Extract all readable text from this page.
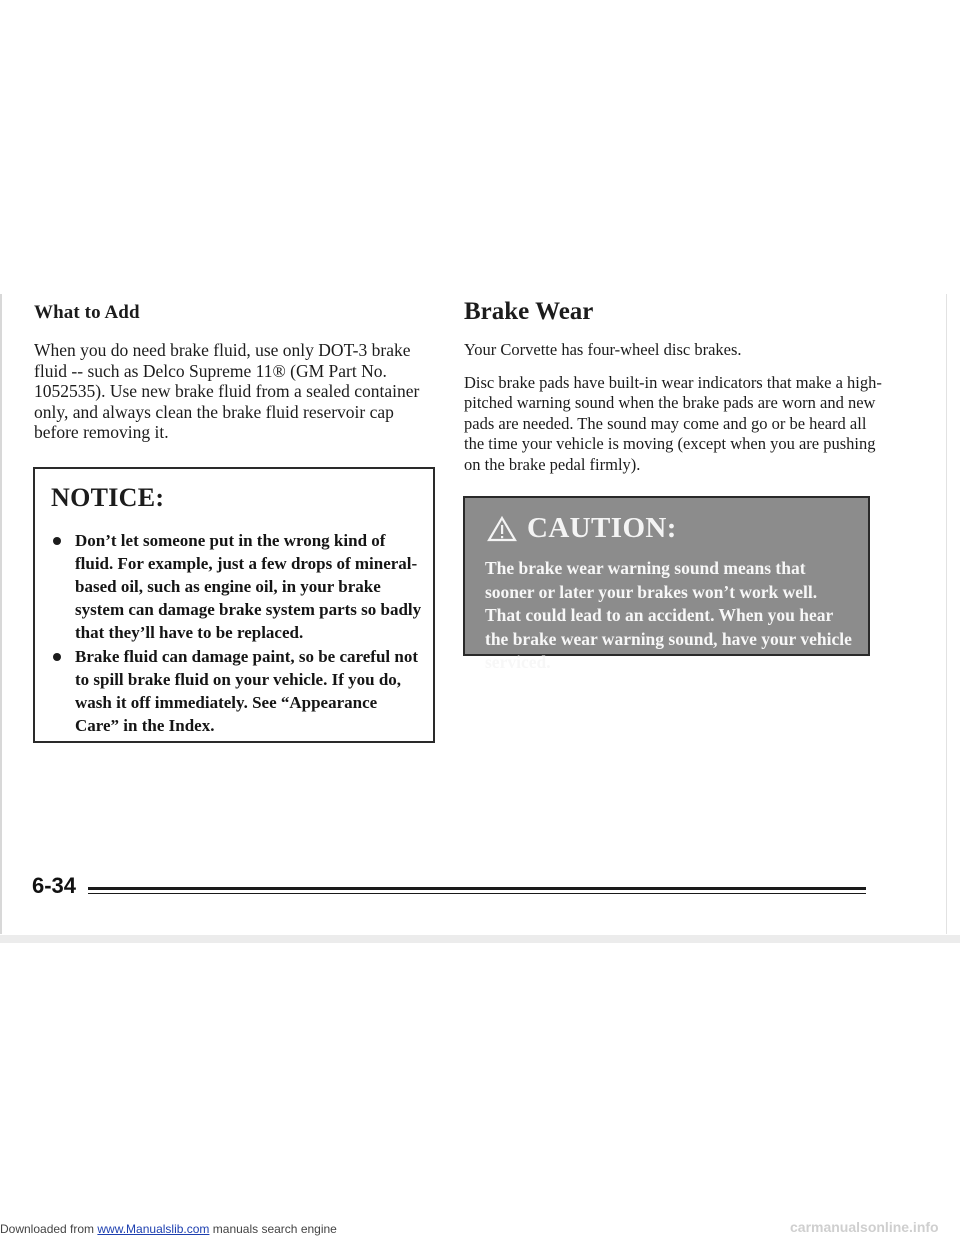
What to Add

When you do need brake fluid, use only DOT-3 brake fluid -- such as Delco Supreme 11® (GM Part No. 1052535). Use new brake fluid from a sealed container only, and always clean the brake fluid reservoir cap before removing it.

NOTICE:
Don’t let someone put in the wrong kind of fluid. For example, just a few drops of mineral-based oil, such as engine oil, in your brake system can damage brake system parts so badly that they’ll have to be replaced.
Brake fluid can damage paint, so be careful not to spill brake fluid on your vehicle. If you do, wash it off immediately. See “Appearance Care” in the Index.
Brake Wear

Your Corvette has four-wheel disc brakes.

Disc brake pads have built-in wear indicators that make a high-pitched warning sound when the brake pads are worn and new pads are needed. The sound may come and go or be heard all the time your vehicle is moving (except when you are pushing on the brake pedal firmly).

CAUTION:

The brake wear warning sound means that sooner or later your brakes won’t work well. That could lead to an accident. When you hear the brake wear warning sound, have your vehicle serviced.

6-34
Downloaded from www.Manualslib.com manuals search engine	carmanualsonline.info
